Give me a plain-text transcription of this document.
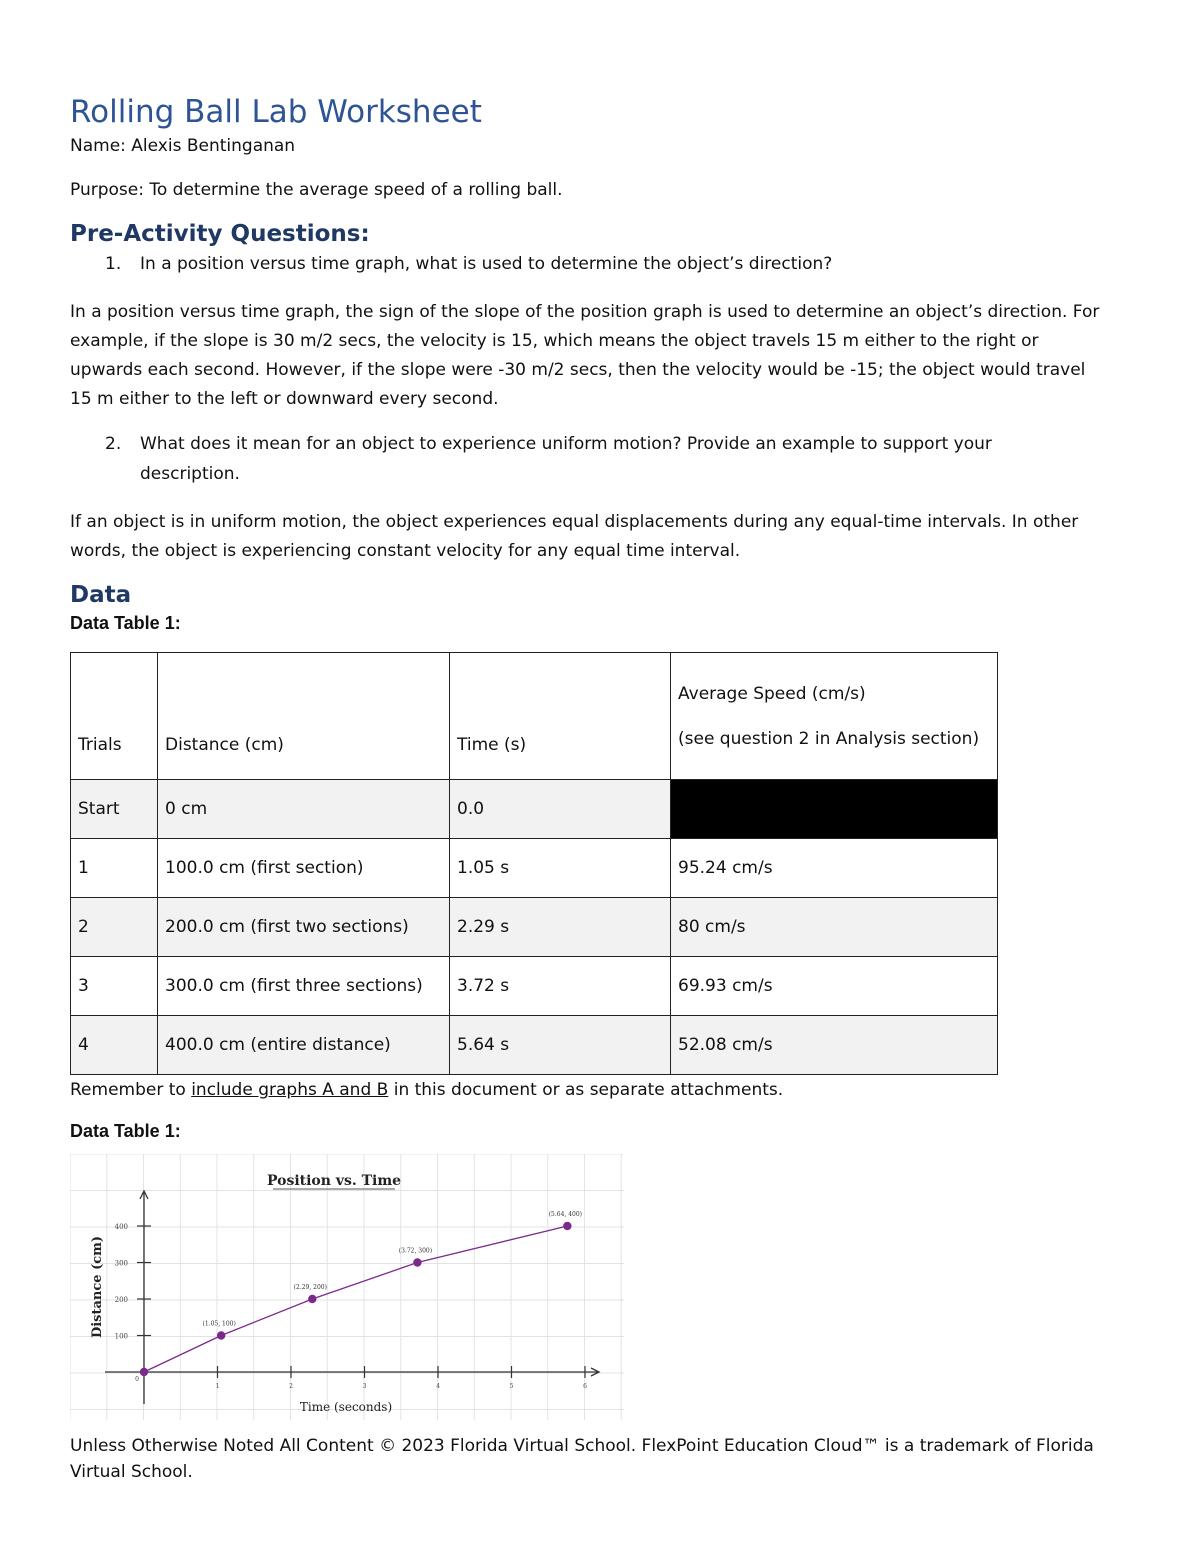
Rolling Ball Lab Worksheet

Name: Alexis Bentinganan

Purpose: To determine the average speed of a rolling ball.

Pre-Activity Questions:

1. In a position versus time graph, what is used to determine the object’s direction?

In a position versus time graph, the sign of the slope of the position graph is used to determine an object’s direction. For

example, if the slope is 30 m/2 secs, the velocity is 15, which means the object travels 15 m either to the right or

upwards each second. However, if the slope were -30 m/2 secs, then the velocity would be -15; the object would travel

15 m either to the left or downward every second.

2. What does it mean for an object to experience uniform motion? Provide an example to support your

description.

If an object is in uniform motion, the object experiences equal displacements during any equal-time intervals. In other

words, the object is experiencing constant velocity for any equal time interval.

Data

Data Table 1:

Trials	Distance (cm)	Time (s)	Average Speed (cm/s)
(see question 2 in Analysis section)

Start	0 cm	0.0	
1	100.0 cm (first section)	1.05 s	95.24 cm/s
2	200.0 cm (first two sections)	2.29 s	80 cm/s
3	300.0 cm (first three sections)	3.72 s	69.93 cm/s
4	400.0 cm (entire distance)	5.64 s	52.08 cm/s

Remember to include graphs A and B in this document or as separate attachments.

Data Table 1:

100
200
300
400
1	2	3	4	5	6
0
Position vs. Time
Time (seconds)
Distance (cm)	(1.05, 100)
(2.29, 200)
(3.72, 300)
(5.64, 400)

Unless Otherwise Noted All Content © 2023 Florida Virtual School. FlexPoint Education Cloud™ is a trademark of Florida

Virtual School.
